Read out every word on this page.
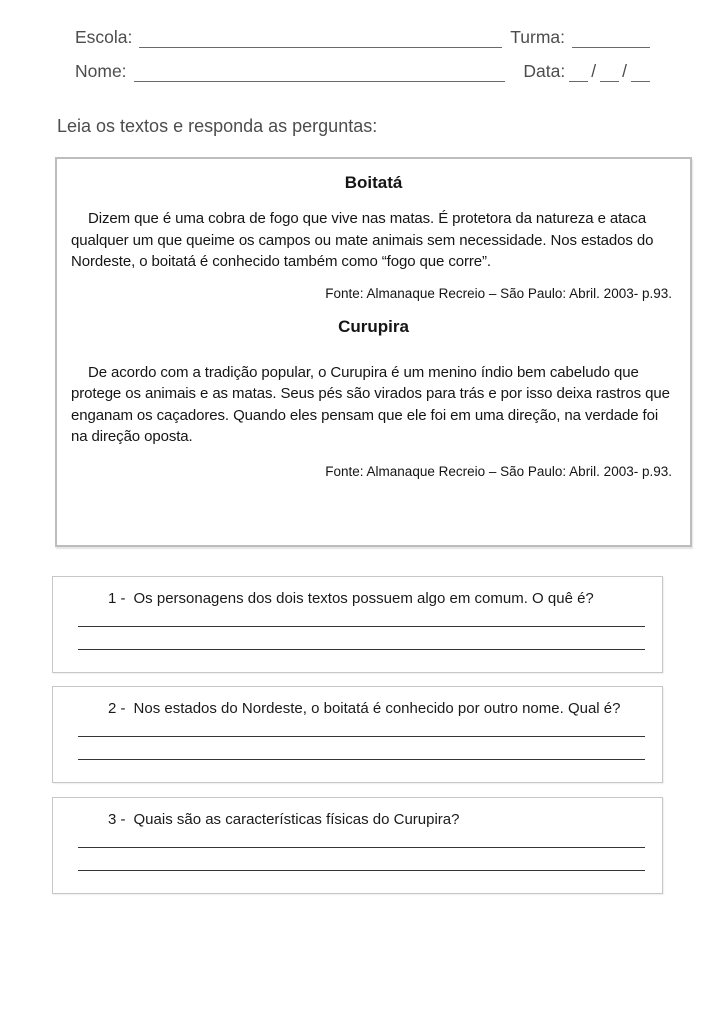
Escola:	Turma:
Nome:	Data: / /
Leia os textos e responda as perguntas:
Boitatá

Dizem que é uma cobra de fogo que vive nas matas. É protetora da natureza e ataca qualquer um que queime os campos ou mate animais sem necessidade. Nos estados do Nordeste, o boitatá é conhecido também como “fogo que corre”.

Fonte: Almanaque Recreio – São Paulo: Abril. 2003- p.93.
Curupira

De acordo com a tradição popular, o Curupira é um menino índio bem cabeludo que protege os animais e as matas. Seus pés são virados para trás e por isso deixa rastros que enganam os caçadores. Quando eles pensam que ele foi em uma direção, na verdade foi na direção oposta.

Fonte: Almanaque Recreio – São Paulo: Abril. 2003- p.93.
1 - Os personagens dos dois textos possuem algo em comum. O quê é?
2 - Nos estados do Nordeste, o boitatá é conhecido por outro nome. Qual é?
3 - Quais são as características físicas do Curupira?
